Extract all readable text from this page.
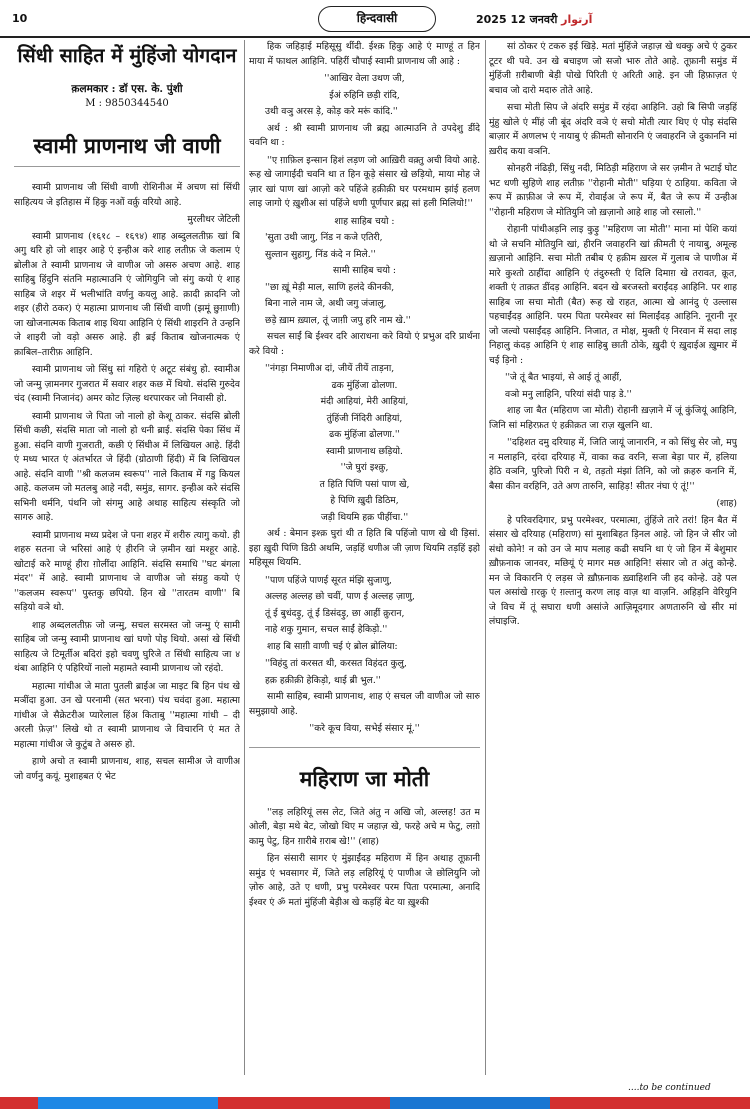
10	हिन्दवासी	2025 12 जनवरी آرتوار
सिंधी साहित में मुंहिंजो योगदान
क़लमकार : डॉ एस. के. पुंशी
M : 9850344540
स्वामी प्राणनाथ जी वाणी

स्वामी प्राणनाथ जी सिंधी वाणी रोशिनीअ में अचण सां सिंधी साहित्यय जे इतिहास में हिकु नओं वर्क़ु वरियो आहे.

मुरलीधर जेटिली

स्वामी प्राणनाथ (१६१८ – १६९४) शाह अब्दुललतीफ़ खां बि अगु थरि हो जो शाइर आहे एं इन्हीअ करे शाह लतीफ़ जे कलाम एं ब्रोलीअ ते स्वामी प्राणनाथ जे वाणीअ जो असरु अचण आहे. शाह साहिबु हिंदुनि संतनि महात्माउनि एं जोगियुनि जो संगु कयो एं शाह साहिब जे शइर में भलीभांति वर्णनु कयलु आहे. क़ादी क़ादनि जो शइर (हीरो ठकर) एं महात्मा प्राणनाथ जी सिंधी वाणी (झमूं छुग़ाणी) जा खोजनात्मक किताब शाइ थिया आहिनि एं सिंधी शाइरनि ते उन्हनि जे शाइरी जो वड़ो असरु आहे. ही ब्रई किताब खोजनात्मक एं क़ाबिल–तारीफ़ आहिनि.

स्वामी प्राणनाथ जो सिंधु सां गहिरो एं अटूट संबंधु हो. स्वामीअ जो जन्मु ज़ामनगर गुजरात में सवार शहर कछ में थियो. संदसि गुरुदेव चंद (स्वामी निजानंद) अमर कोट ज़िल्ह थरपारकर जो निवासी हो.

स्वामी प्राणनाथ जे पिता जो नालो हो केशू ठाकर. संदसि ब्रोली सिंधी कछी, संदसि माता जो नालो हो धनी ब्राई. संदसि पेका सिंध में हुआ. संदनि वाणी गुजराती, कछी एं सिंधीअ में लिखियल आहे. हिंदी एं मध्य भारत एं अंतर्भारत जे हिंदी (ग्रोठाणी हिंदी) में बि लिखियल आहे. संदनि वाणी ''श्री कलजम स्वरूप'' नाले किताब में गडु कियल आहे. कलजम जो मतलबु आहे नदी, समुंड, सागर. इन्हीअ करे संदसि सभिनी धर्मनि, पंथनि जो संगमु आहे अथाह साहित्य संस्कृति जो सागरु आहे.

स्वामी प्राणनाथ मध्य प्रदेश जे पना शहर में शरीरु त्यागु कयो. ही शहरु सतना जे भरिसां आहे एं हीरनि जे ज़मीन खां मश्हूर आहे. खोटाई करे माण्हूं हीरा ग़ोलींदा आहिनि. संदसि समाधि ''घट बंगला मंदर'' में आहे. स्वामी प्राणनाथ जे वाणीअ जो संग्रहु कयो एं ''कलजम स्वरूप'' पुस्तकु छपियो. हिन खे ''तारतम वाणी'' बि सड़ियो वञे थो.

शाह अब्दललतीफ़ जो जन्मु, सचल सरमस्त जो जन्मु एं सामी साहिब जो जन्मु स्वामी प्राणनाथ खां घणो पोइ थियो. असां खे सिंधी साहित्य जे टिमूर्तीअ बदिरां इहो चवणु घुरिजे त सिंधी साहित्य जा ४ थंबा आहिनि एं पहिरियों नालो महामते स्वामी प्राणनाथ जो रहंदो.

महात्मा गांधीअ जे माता पुतली ब्राईअ जा माइट बि हिन पंथ खे मञींदा हुआ. उन खे परनामी (सत भरना) पंथ चवंदा हुआ. महात्मा गांधीअ जे सैक्रेटरीअ प्यारेलाल हिंअ किताबु ''महात्मा गांधी – दी अरली फ़ेज़'' लिखे थो त स्वामी प्राणनाथ जे विचारनि एं मत ते महात्मा गांधीअ जे कुटुंब ते असरु हो.

हाणे अचो त स्वामी प्राणनाथ, शाह, सचल सामीअ जे वाणीअ जो वर्णनु कयूं. मुशाहबत एं भेट

हिक जहिड़ाई महिसूसु थींदी. ईश्क़ हिकु आहे एं माण्हूं त हिन माया में फाथल आहिनि. पहिरीं चौपाई स्वामी प्राणनाथ जी आहे :

''आखिर वेला उथण जी,
ईअं रुहिनि छड़ी रांदि,
उथी वञु अरस ड़े, कोड़ करे मरूं कांदि.''

अर्थ : श्री स्वामी प्राणनाथ जी ब्रह्म आत्माउनि ते उपदेशु डींदे चवनि था :

''ए ग़ाफ़िल इन्सान हिशं लड़ण जो आख़िरी वक़्तु अची वियो आहे. रूह खे जागाईदी चवनि था त हिन कूड़े संसार खे छड़ियो, माया मोह जे ज़ार खां पाण खां आज़ो करे पहिंजे हक़ीक़ी घर परमधाम झांई हलण लाइ जागो एं ख़ुशीअ सां पहिंजे धणी पूर्णपार ब्रह्म सां हली मिलियो!''

शाह साहिब चयो :
'सुता उथी जागु, निंड न कजे एतिरी,
सुल्तान सुहागु, निंड कंदे न मिले.''
सामी साहिब चयो :
''छा ख़ूं मेड़ी माल, साणि हलंदे कीनकी,
बिना नाले नाम जे, अथी जगु जंजालु,
छड़े ख़ाम ख़्याल, तूं जाग़ी जपु हरि नाम खे.''

सचल साईं बि ईश्वर दरि आराधना करे वियो एं प्रभुअ दरि प्रार्थना करे वियो :

''नंगड़ा निमाणीअ दां, जीयें तीयें ताड़ना,
ढक मुंहिंजा ढोलणा.
मंदी आहियां, मेरी आहियां,
तुंहिंजी निंदिरी आहियां,
ढक मुंहिंजा ढोलणा.''
स्वामी प्राणनाथ छड़ियो.
''जे घुरां इश्क़ु,
त हिति पिणि पसां पाण खे,
हे पिणि ख़ुदी डिठिम,
जड़ी थियमि हक़ पीहींचा.''

अर्थ : बेमान इश्क़ घुरां थी त हिति बि पहिंजो पाण खे थी ड़िसां. इहा ख़ुदी पिणि डिठी अथमि, जड़हिं धणीअ जी ज़ाण थियमि तड़हिं इहो महिसूस थियमि.

''पाण पहिंजे पाणई सूरत मंझि सुजाणु,
अल्लह अल्लह छो चवीं, पाण ई अल्लह ज़ाणु,
तूं ई बुधंदड़ु, तूं ई डिसंदड़ु, छा आहीं क़ुरान,
नाहे शकु गुमान, सचल साईं हेकिड़ो.''

शाह बि साग़ी वाणी चई एं ब्रोल ब्रोलिया:

''विहंदु तां करसत थी, करसत विहंदत कुलु,
हक़ हक़ीक़ी हेकिड़ो, थाई ब्री भुल.''

सामी साहिब, स्वामी प्राणनाथ, शाह एं सचल जी वाणीअ जो सारु समुझायो आहे.

''करे कूच विया, सभेई संसार मूं.''
महिराण जा मोती

''लड़ लहिरियूं लस लेट, जिते अंतु न अखि जो, अल्लह! उत म ओली, बेड़ा मथे बेट, जोखो थिए म जहाज़ खे, फरहे अचे म फेटु, लग़ो कामु पेटु, हिन ग़ारीबे ग़राब खे!'' (शाह)

हिन संसारी सागर एं मुंझाईंदड़ महिराण में हिन अथाह तूफ़ानी समुंड एं भवसागर में, जिते लड़ लहिरियूं एं पाणीअ जे छोलियुनि जो ज़ोरु आहे, उते ए धणी, प्रभु परमेश्वर परम पिता परमात्मा, अनादि ईश्वर एं ॐ मतां मुंहिंजी बेड़ीअ खे कड़हिं बेट या ख़ुश्की

सां ठोकर एं टकरु इई खिड़े. मतां मुंहिंजे जहाज़ खे धक्कु अचे एं ठुकर टूटर थी पवे. उन खे बचाइण जो सजो भारु तोते आहे. तूफ़ानी समुंड में मुंहिंजी ग़रीबाणी बेड़ी पोखे पिरिती एं अरिती आहे. इन जी हिफ़ाज़त एं बचाव जो दारो मदारु तोते आहे.

सचा मोती सिप जे अंदरि समुंड में रहंदा आहिनि. उहो बि सिपी जड़हिं मुंहु खोले एं मींहं जी बूंद अंदरि वञे एं सचो मोती त्यार थिए एं पोइ संदसि बाज़ार में अणलभ एं नायाबु एं क़ीमती सोनारनि एं जवाहरनि जे दुकाननि मां ख़रीद कया वञनि.

सोनहरी नंढिड़ी, सिंधु नदी, मिठिड़ी महिराण जे सर ज़मीन ते भटाई घोट भट धणी सुहिणे शाह लतीफ़ ''रोहानी मोती'' घड़िया एं ठाहिया. कविता जे रूप में क़ाफ़ीअ जे रूप में, रोवाईअ जे रूप में, बैत जे रूप में उन्हीअ ''रोहानी महिराण जे मोतियुनि जो ख़ज़ानो आहे शाह जो रसालो.''

रोहानी पांधीअड़नि लाइ कुड़ु ''महिराण जा मोती'' माना मां पेशि कयां थो जे सचनि मोतियुनि खां, हीरनि जवाहरनि खां क़ीमती एं नायाबु, अमूल्ह ख़ज़ानो आहिनि. सचा मोती तबीब एं हक़ीम ख़रल में गुलाब जे पाणीअ में मारे कुश्तो ठाहींदा आहिनि एं तंदुरुस्ती एं दिलि दिमाग़ खे तरावत, क़ूत, शक्ती एं ताक़त डींदड़ आहिनि. बदन खे बरजस्तो बराईंदड़ आहिनि. पर शाह साहिब जा सचा मोती (बैत) रूह खे राहत, आत्मा खे आनंदु एं उल्लास पहचाईंदड़ आहिनि. परम पिता परमेश्वर सां मिलाईंदड़ आहिनि. नूरानी नूर जो जल्वो पसाईंदड़ आहिनि. निजात, त मोक्ष, मुक्ती एं निरवान में सदा लाइ निहालु कंदड़ आहिनि एं शाह साहिबु छाती ठोके, ख़ुदी एं ख़ुदाईअ ख़ुमार में चई ड़िनो :

''जे तूं बैत भाइयां, से आई तूं आहीं,
वञो मनु लाहिनि, परियां संदी पाड़ डे.''

शाह जा बैत (महिराण जा मोती) रोहानी ख़ज़ाने में जूं कुंजियूं आहिनि, जिनि सां महिरफ़त एं हक़ीक़त जा राज़ खुलनि था.

''दहिशत दमु दरियाह में, जिति जायूं जानारनि, न को सिंधु सेर जो, मपु न मलाहनि, दरंदा दरियाह में, वाका कढ वरनि, सजा बेड़ा पार में, हलिया हेठि वञनि, पुरिजो पिरी न थे, तड़तो मंझां तिनि, को जो क़हरु कननि में, बैसा कीन वरहिनि, उते अण तारुनि, साहिड़! सीतर नंघा एं तूं!''

(शाह)

हे परिवरदिगार, प्रभु परमेश्वर, परमात्मा, तुंहिंजे तारे तरां! हिन बैत में संसार खे दरियाह (महिराण) सां मुशाबिहत ड़िनल आहे. जो हिन जे सीर जो संधो कोने! न को उन जे माप मलाह कढी सघनि था एं जो हिन में बेशुमार ख़ौफ़नाक जानवर, मछियूं एं मागर मछ आहिनि! संसार जो त अंतु कोन्हे. मन जे विकारनि एं लड़स जे ख़ौफ़नाक ख़्वाहिशनि जी हद कोन्हे. उहे पल पल असांखे ग़रक़ु एं ग़ल्तानु करण लाइ वाज़ था वाज़नि. अहिड़नि वेरियुनि जे विच में तूं सघारा धणी असांजे आज़िमूदगार अणतारुनि खे सीर मां लंघाइजि.

....to be continued
